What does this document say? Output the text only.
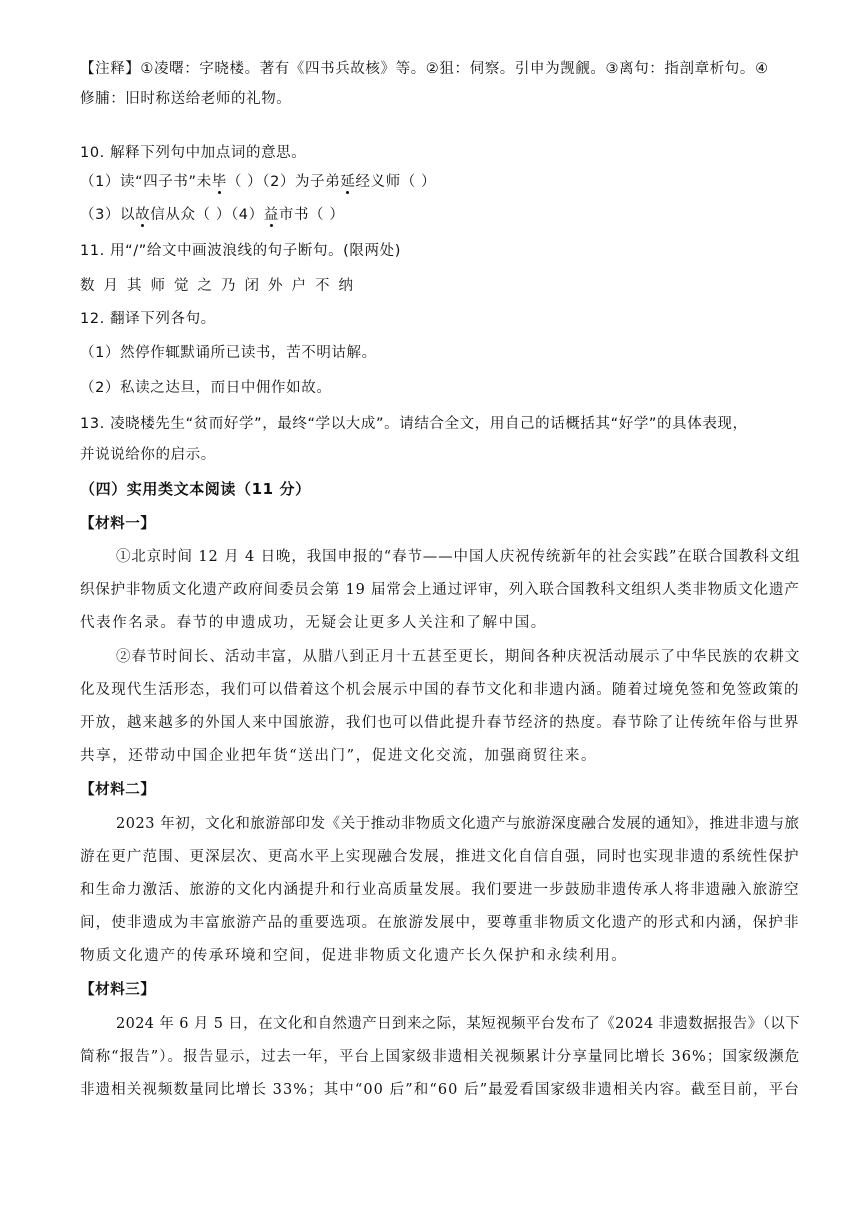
【注释】①凌曙：字晓楼。著有《四书兵故核》等。②狙：伺察。引申为觊觎。③离句：指剖章析句。④
修脯：旧时称送给老师的礼物。
10. 解释下列句中加点词的意思。
（1）读“四子书”未毕（ ）（2）为子弟延经义师（ ）
（3）以故信从众（ ）（4）益市书（ ）
11. 用“/”给文中画波浪线的句子断句。(限两处)
数月其师觉之乃闭外户不纳
12. 翻译下列各句。
（1）然停作辄默诵所已读书，苦不明诂解。
（2）私读之达旦，而日中佣作如故。
13. 凌晓楼先生“贫而好学”，最终“学以大成”。请结合全文，用自己的话概括其“好学”的具体表现，
并说说给你的启示。
（四）实用类文本阅读（11 分）
【材料一】
①北京时间 12 月 4 日晚，我国申报的“春节——中国人庆祝传统新年的社会实践”在联合国教科文组
织保护非物质文化遗产政府间委员会第 19 届常会上通过评审，列入联合国教科文组织人类非物质文化遗产
代表作名录。春节的申遗成功，无疑会让更多人关注和了解中国。
②春节时间长、活动丰富，从腊八到正月十五甚至更长，期间各种庆祝活动展示了中华民族的农耕文
化及现代生活形态，我们可以借着这个机会展示中国的春节文化和非遗内涵。随着过境免签和免签政策的
开放，越来越多的外国人来中国旅游，我们也可以借此提升春节经济的热度。春节除了让传统年俗与世界
共享，还带动中国企业把年货“送出门”，促进文化交流，加强商贸往来。
【材料二】
2023 年初，文化和旅游部印发《关于推动非物质文化遗产与旅游深度融合发展的通知》，推进非遗与旅
游在更广范围、更深层次、更高水平上实现融合发展，推进文化自信自强，同时也实现非遗的系统性保护
和生命力激活、旅游的文化内涵提升和行业高质量发展。我们要进一步鼓励非遗传承人将非遗融入旅游空
间，使非遗成为丰富旅游产品的重要选项。在旅游发展中，要尊重非物质文化遗产的形式和内涵，保护非
物质文化遗产的传承环境和空间，促进非物质文化遗产长久保护和永续利用。
【材料三】
2024 年 6 月 5 日，在文化和自然遗产日到来之际，某短视频平台发布了《2024 非遗数据报告》（以下
简称“报告”）。报告显示，过去一年，平台上国家级非遗相关视频累计分享量同比增长 36%；国家级濒危
非遗相关视频数量同比增长 33%；其中“00 后”和“60 后”最爱看国家级非遗相关内容。截至目前，平台
